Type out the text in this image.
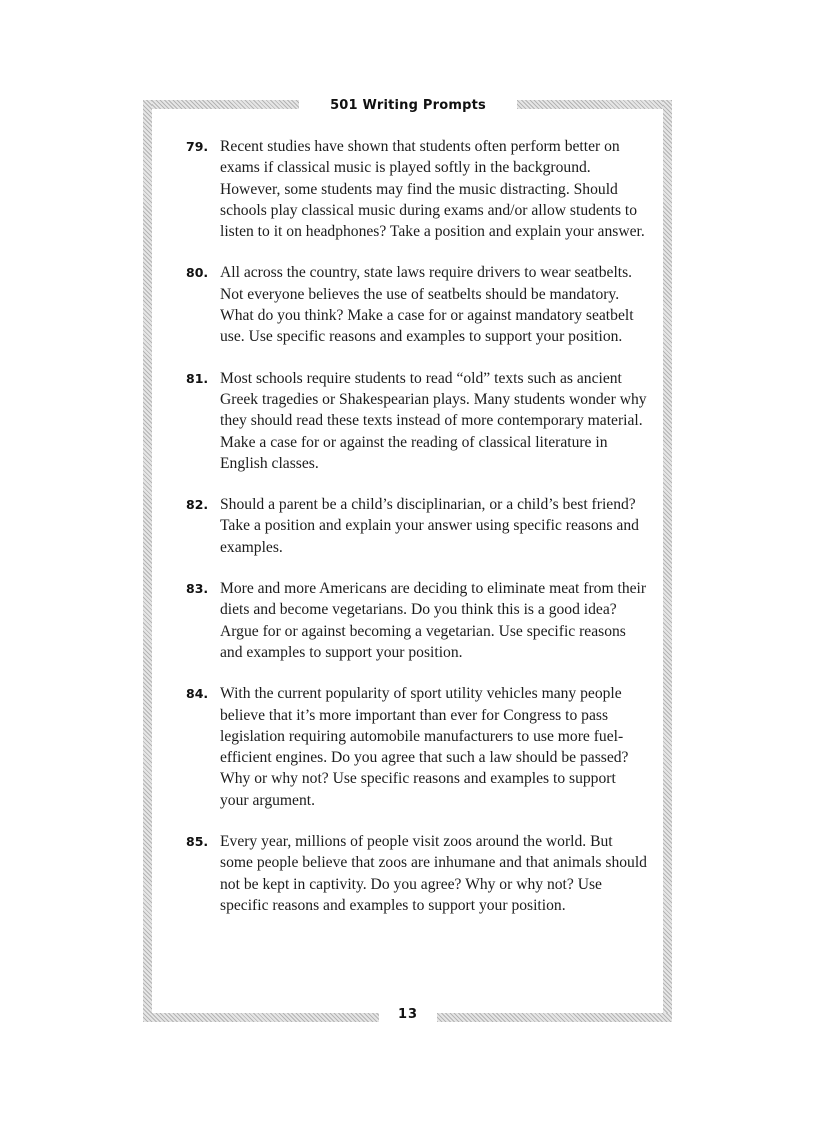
501 Writing Prompts
79. Recent studies have shown that students often perform better on exams if classical music is played softly in the background. However, some students may find the music distracting. Should schools play classical music during exams and/or allow students to listen to it on headphones? Take a position and explain your answer.
80. All across the country, state laws require drivers to wear seatbelts. Not everyone believes the use of seatbelts should be mandatory. What do you think? Make a case for or against mandatory seatbelt use. Use specific reasons and examples to support your position.
81. Most schools require students to read “old” texts such as ancient Greek tragedies or Shakespearian plays. Many students wonder why they should read these texts instead of more contemporary material. Make a case for or against the reading of classical literature in English classes.
82. Should a parent be a child’s disciplinarian, or a child’s best friend? Take a position and explain your answer using specific reasons and examples.
83. More and more Americans are deciding to eliminate meat from their diets and become vegetarians. Do you think this is a good idea? Argue for or against becoming a vegetarian. Use specific reasons and examples to support your position.
84. With the current popularity of sport utility vehicles many people believe that it’s more important than ever for Congress to pass legislation requiring automobile manufacturers to use more fuel-efficient engines. Do you agree that such a law should be passed? Why or why not? Use specific reasons and examples to support your argument.
85. Every year, millions of people visit zoos around the world. But some people believe that zoos are inhumane and that animals should not be kept in captivity. Do you agree? Why or why not? Use specific reasons and examples to support your position.
13
